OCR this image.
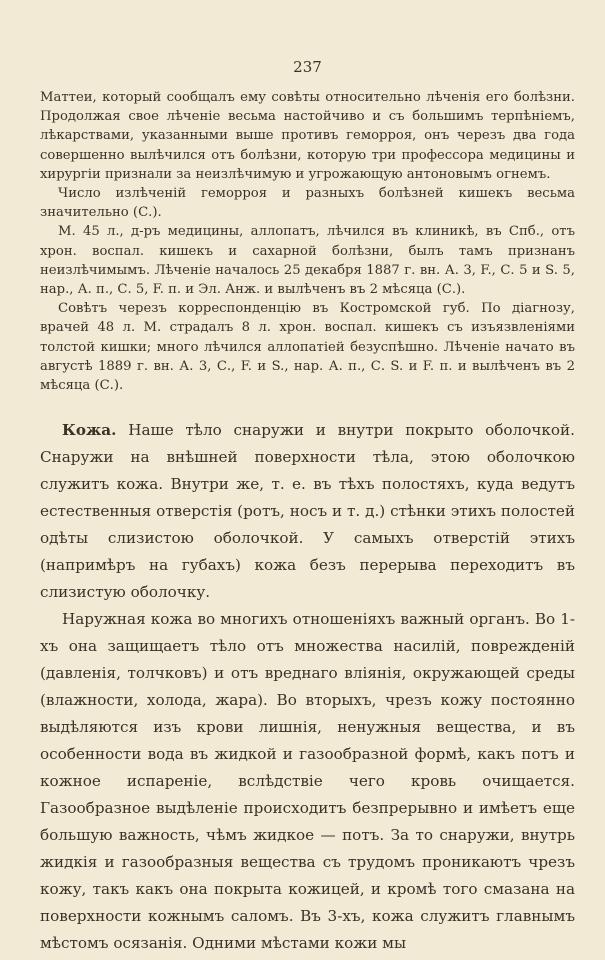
237

Маттеи, который сообщалъ ему совѣты относительно лѣченія его болѣзни. Продолжая свое лѣченіе весьма настойчиво и съ большимъ терпѣніемъ, лѣкарствами, указанными выше противъ геморроя, онъ черезъ два года совершенно вылѣчился отъ болѣзни, которую три профессора медицины и хирургіи признали за неизлѣчимую и угрожающую антоновымъ огнемъ.

Число излѣченій геморроя и разныхъ болѣзней кишекъ весьма значительно (С.).

М. 45 л., д-ръ медицины, аллопатъ, лѣчился въ клиникѣ, въ Спб., отъ хрон. воспал. кишекъ и сахарной болѣзни, былъ тамъ признанъ неизлѣчимымъ. Лѣченіе началось 25 декабря 1887 г. вн. А. 3, F., С. 5 и S. 5, нар., А. п., С. 5, F. п. и Эл. Анж. и вылѣченъ въ 2 мѣсяца (С.).

Совѣтъ черезъ корреспонденцію въ Костромской губ. По діагнозу, врачей 48 л. М. страдалъ 8 л. хрон. воспал. кишекъ съ изъязвленіями толстой кишки; много лѣчился аллопатіей безуспѣшно. Лѣченіе начато въ августѣ 1889 г. вн. А. 3, С., F. и S., нар. А. п., С. S. и F. п. и вылѣченъ въ 2 мѣсяца (С.).

Кожа. Наше тѣло снаружи и внутри покрыто оболочкой. Снаружи на внѣшней поверхности тѣла, этою оболочкою служитъ кожа. Внутри же, т. е. въ тѣхъ полостяхъ, куда ведутъ естественныя отверстія (ротъ, носъ и т. д.) стѣнки этихъ полостей одѣты слизистою оболочкой. У самыхъ отверстій этихъ (напримѣръ на губахъ) кожа безъ перерыва переходитъ въ слизистую оболочку.

Наружная кожа во многихъ отношеніяхъ важный органъ. Во 1-хъ она защищаетъ тѣло отъ множества насилій, поврежденій (давленія, толчковъ) и отъ вреднаго вліянія, окружающей среды (влажности, холода, жара). Во вторыхъ, чрезъ кожу постоянно выдѣляются изъ крови лишнія, ненужныя вещества, и въ особенности вода въ жидкой и газообразной формѣ, какъ потъ и кожное испареніе, вслѣдствіе чего кровь очищается. Газообразное выдѣленіе происходитъ безпрерывно и имѣетъ еще большую важность, чѣмъ жидкое — потъ. За то снаружи, внутрь жидкія и газообразныя вещества съ трудомъ проникаютъ чрезъ кожу, такъ какъ она покрыта кожицей, и кромѣ того смазана на поверхности кожнымъ саломъ. Въ 3-хъ, кожа служитъ главнымъ мѣстомъ осязанія. Одними мѣстами кожи мы
